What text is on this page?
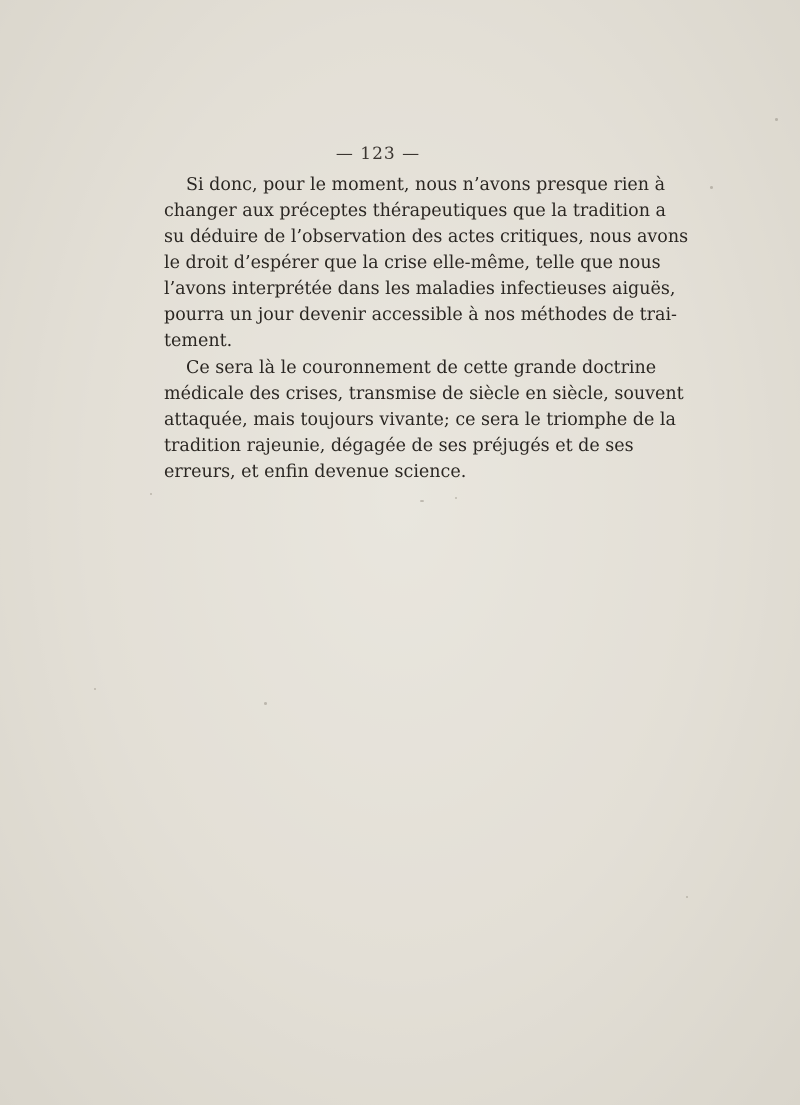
— 123 —
Si donc, pour le moment, nous n’avons presque rien à
changer aux préceptes thérapeutiques que la tradition a
su déduire de l’observation des actes critiques, nous avons
le droit d’espérer que la crise elle-même, telle que nous
l’avons interprétée dans les maladies infectieuses aiguës,
pourra un jour devenir accessible à nos méthodes de trai-
tement.
Ce sera là le couronnement de cette grande doctrine
médicale des crises, transmise de siècle en siècle, souvent
attaquée, mais toujours vivante; ce sera le triomphe de la
tradition rajeunie, dégagée de ses préjugés et de ses
erreurs, et enfin devenue science.
